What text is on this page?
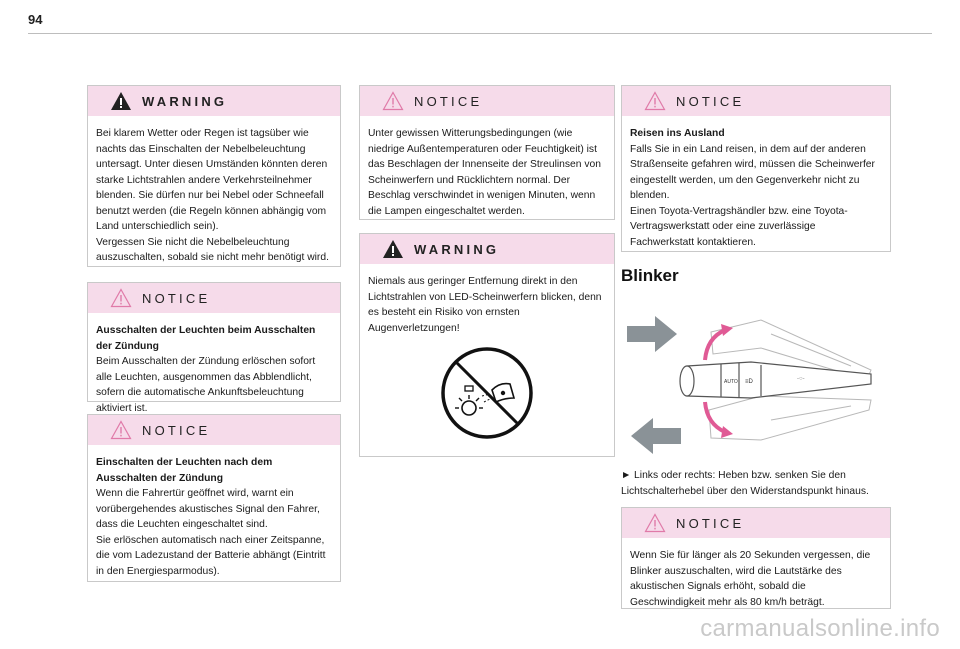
94
WARNING

Bei klarem Wetter oder Regen ist tagsüber wie nachts das Einschalten der Nebelbeleuchtung untersagt. Unter diesen Umständen könnten deren starke Lichtstrahlen andere Verkehrsteilnehmer blenden. Sie dürfen nur bei Nebel oder Schneefall benutzt werden (die Regeln können abhängig vom Land unterschiedlich sein).

Vergessen Sie nicht die Nebelbeleuchtung auszuschalten, sobald sie nicht mehr benötigt wird.

NOTICE
Ausschalten der Leuchten beim Ausschalten der Zündung

Beim Ausschalten der Zündung erlöschen sofort alle Leuchten, ausgenommen das Abblendlicht, sofern die automatische Ankunftsbeleuchtung aktiviert ist.

NOTICE
Einschalten der Leuchten nach dem Ausschalten der Zündung

Wenn die Fahrertür geöffnet wird, warnt ein vorübergehendes akustisches Signal den Fahrer, dass die Leuchten eingeschaltet sind.

Sie erlöschen automatisch nach einer Zeitspanne, die vom Ladezustand der Batterie abhängt (Eintritt in den Energiesparmodus).

NOTICE

Unter gewissen Witterungsbedingungen (wie niedrige Außentemperaturen oder Feuchtigkeit) ist das Beschlagen der Innenseite der Streulinsen von Scheinwerfern und Rücklichtern normal. Der Beschlag verschwindet in wenigen Minuten, wenn die Lampen eingeschaltet werden.

WARNING

Niemals aus geringer Entfernung direkt in den Lichtstrahlen von LED-Scheinwerfern blicken, denn es besteht ein Risiko von ernsten Augenverletzungen!

NOTICE
Reisen ins Ausland

Falls Sie in ein Land reisen, in dem auf der anderen Straßenseite gefahren wird, müssen die Scheinwerfer eingestellt werden, um den Gegenverkehr nicht zu blenden.

Einen Toyota-Vertragshändler bzw. eine Toyota-Vertragswerkstatt oder eine zuverlässige Fachwerkstatt kontaktieren.

Blinker
AUTO ≡D	-○-
► Links oder rechts: Heben bzw. senken Sie den Lichtschalterhebel über den Widerstandspunkt hinaus.
NOTICE

Wenn Sie für länger als 20 Sekunden vergessen, die Blinker auszuschalten, wird die Lautstärke des akustischen Signals erhöht, sobald die Geschwindigkeit mehr als 80 km/h beträgt.

carmanualsonline.info
